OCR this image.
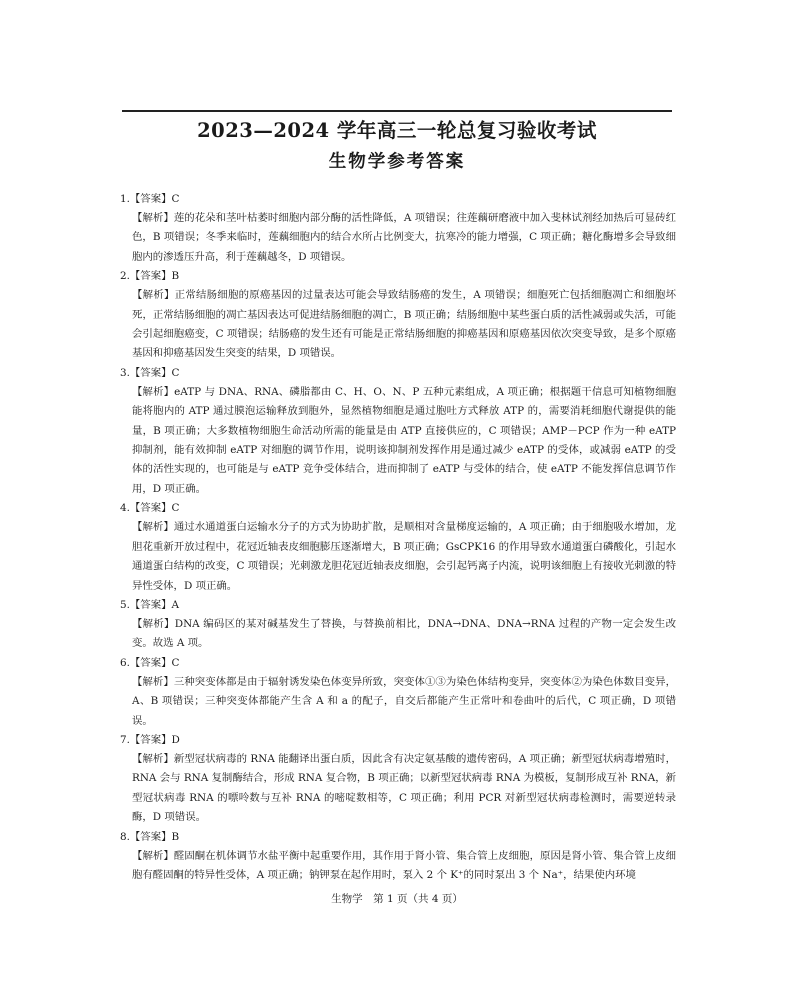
2023—2024 学年高三一轮总复习验收考试
生物学参考答案
1.【答案】C
【解析】莲的花朵和茎叶枯萎时细胞内部分酶的活性降低，A 项错误；往莲藕研磨液中加入斐林试剂经加热后可显砖红色，B 项错误；冬季来临时，莲藕细胞内的结合水所占比例变大，抗寒冷的能力增强，C 项正确；糖化酶增多会导致细胞内的渗透压升高，利于莲藕越冬，D 项错误。
2.【答案】B
【解析】正常结肠细胞的原癌基因的过量表达可能会导致结肠癌的发生，A 项错误；细胞死亡包括细胞凋亡和细胞坏死，正常结肠细胞的凋亡基因表达可促进结肠细胞的凋亡，B 项正确；结肠细胞中某些蛋白质的活性减弱或失活，可能会引起细胞癌变，C 项错误；结肠癌的发生还有可能是正常结肠细胞的抑癌基因和原癌基因依次突变导致，是多个原癌基因和抑癌基因发生突变的结果，D 项错误。
3.【答案】C
【解析】eATP 与 DNA、RNA、磷脂都由 C、H、O、N、P 五种元素组成，A 项正确；根据题干信息可知植物细胞能将胞内的 ATP 通过膜泡运输释放到胞外，显然植物细胞是通过胞吐方式释放 ATP 的，需要消耗细胞代谢提供的能量，B 项正确；大多数植物细胞生命活动所需的能量是由 ATP 直接供应的，C 项错误；AMP－PCP 作为一种 eATP 抑制剂，能有效抑制 eATP 对细胞的调节作用，说明该抑制剂发挥作用是通过减少 eATP 的受体，或减弱 eATP 的受体的活性实现的，也可能是与 eATP 竞争受体结合，进而抑制了 eATP 与受体的结合，使 eATP 不能发挥信息调节作用，D 项正确。
4.【答案】C
【解析】通过水通道蛋白运输水分子的方式为协助扩散，是顺相对含量梯度运输的，A 项正确；由于细胞吸水增加，龙胆花重新开放过程中，花冠近轴表皮细胞膨压逐渐增大，B 项正确；GsCPK16 的作用导致水通道蛋白磷酸化，引起水通道蛋白结构的改变，C 项错误；光刺激龙胆花冠近轴表皮细胞，会引起钙离子内流，说明该细胞上有接收光刺激的特异性受体，D 项正确。
5.【答案】A
【解析】DNA 编码区的某对碱基发生了替换，与替换前相比，DNA→DNA、DNA→RNA 过程的产物一定会发生改变。故选 A 项。
6.【答案】C
【解析】三种突变体都是由于辐射诱发染色体变异所致，突变体①③为染色体结构变异，突变体②为染色体数目变异，A、B 项错误；三种突变体都能产生含 A 和 a 的配子，自交后都能产生正常叶和卷曲叶的后代，C 项正确，D 项错误。
7.【答案】D
【解析】新型冠状病毒的 RNA 能翻译出蛋白质，因此含有决定氨基酸的遗传密码，A 项正确；新型冠状病毒增殖时，RNA 会与 RNA 复制酶结合，形成 RNA 复合物，B 项正确；以新型冠状病毒 RNA 为模板，复制形成互补 RNA，新型冠状病毒 RNA 的嘌呤数与互补 RNA 的嘧啶数相等，C 项正确；利用 PCR 对新型冠状病毒检测时，需要逆转录酶，D 项错误。
8.【答案】B
【解析】醛固酮在机体调节水盐平衡中起重要作用，其作用于肾小管、集合管上皮细胞，原因是肾小管、集合管上皮细胞有醛固酮的特异性受体，A 项正确；钠钾泵在起作用时，泵入 2 个 K⁺的同时泵出 3 个 Na⁺，结果使内环境
生物学　第 1 页（共 4 页）
